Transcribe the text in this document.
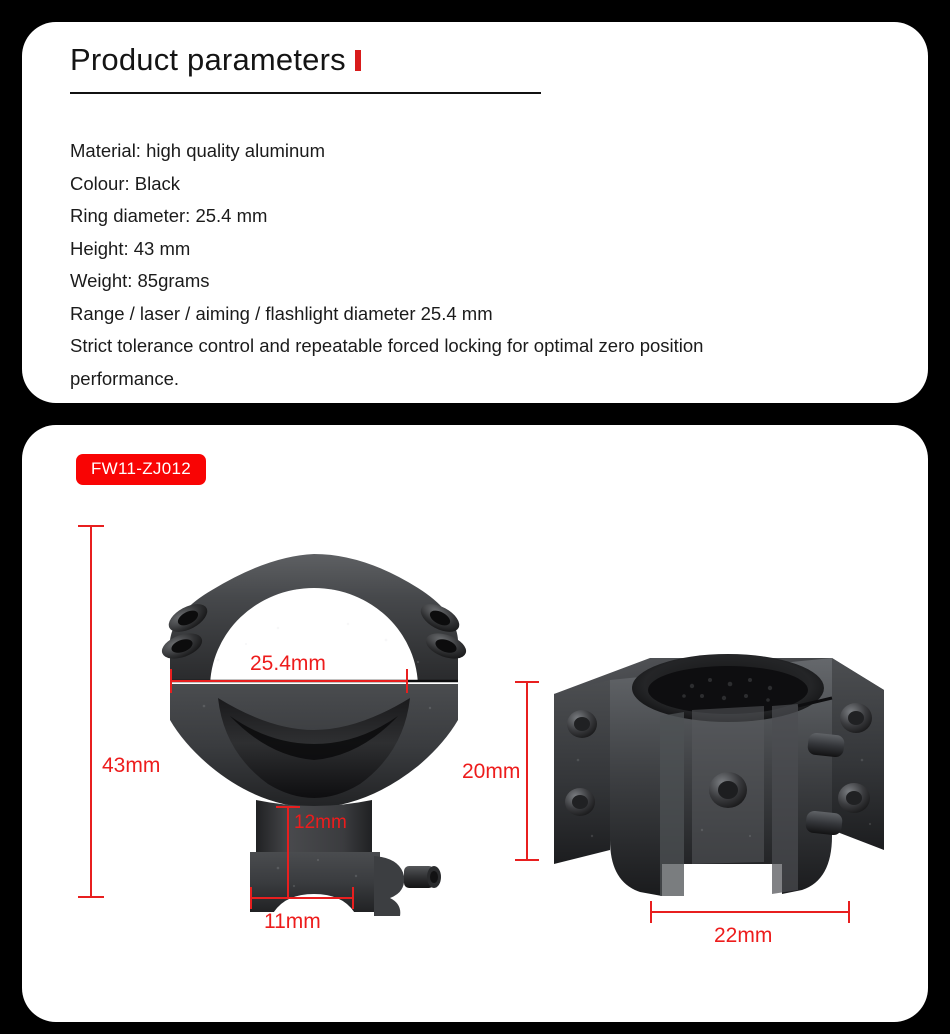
Product parameters
Material: high quality aluminum
Colour: Black
Ring diameter: 25.4 mm
Height: 43 mm
Weight: 85grams
Range / laser / aiming / flashlight diameter 25.4 mm
Strict tolerance control and repeatable forced locking for optimal zero position performance.
FW11-ZJ012
43mm
25.4mm
12mm
11mm
20mm
22mm
